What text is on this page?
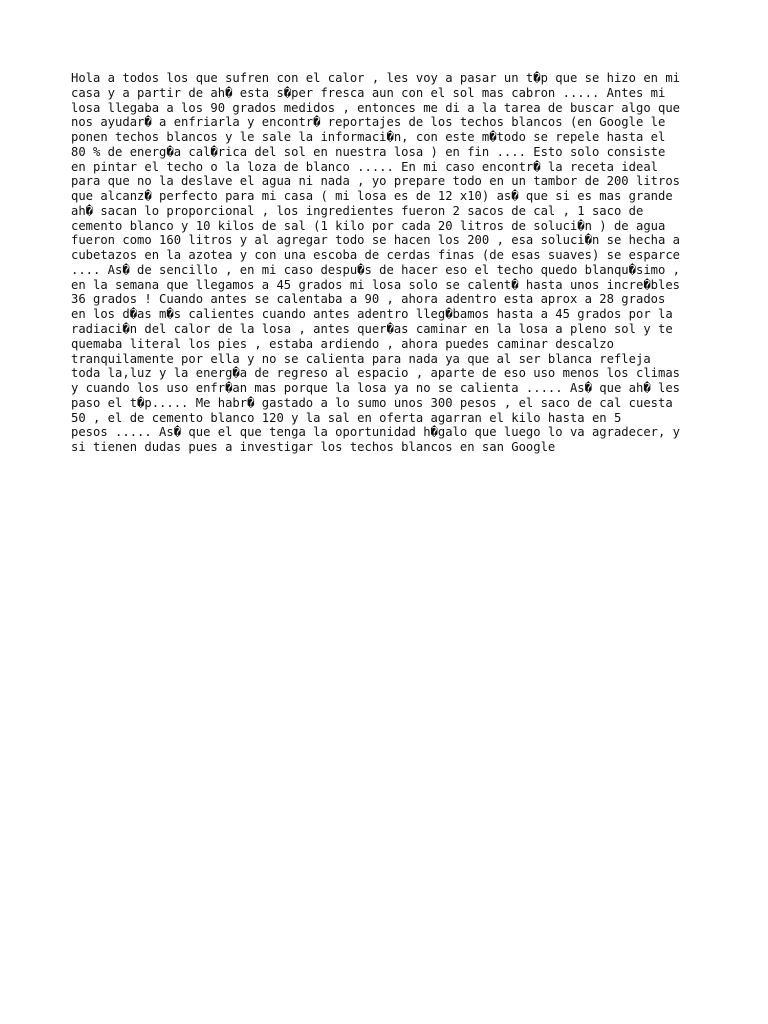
Hola a todos los que sufren con el calor , les voy a pasar un t�p que se hizo en mi
casa y a partir de ah� esta s�per fresca aun con el sol mas cabron ..... Antes mi
losa llegaba a los 90 grados medidos , entonces me di a la tarea de buscar algo que
nos ayudar� a enfriarla y encontr� reportajes de los techos blancos (en Google le
ponen techos blancos y le sale la informaci�n, con este m�todo se repele hasta el
80 % de energ�a cal�rica del sol en nuestra losa ) en fin .... Esto solo consiste
en pintar el techo o la loza de blanco ..... En mi caso encontr� la receta ideal
para que no la deslave el agua ni nada , yo prepare todo en un tambor de 200 litros
que alcanz� perfecto para mi casa ( mi losa es de 12 x10) as� que si es mas grande
ah� sacan lo proporcional , los ingredientes fueron 2 sacos de cal , 1 saco de
cemento blanco y 10 kilos de sal (1 kilo por cada 20 litros de soluci�n ) de agua
fueron como 160 litros y al agregar todo se hacen los 200 , esa soluci�n se hecha a
cubetazos en la azotea y con una escoba de cerdas finas (de esas suaves) se esparce
.... As� de sencillo , en mi caso despu�s de hacer eso el techo quedo blanqu�simo ,
en la semana que llegamos a 45 grados mi losa solo se calent� hasta unos incre�bles
36 grados ! Cuando antes se calentaba a 90 , ahora adentro esta aprox a 28 grados
en los d�as m�s calientes cuando antes adentro lleg�bamos hasta a 45 grados por la
radiaci�n del calor de la losa , antes quer�as caminar en la losa a pleno sol y te
quemaba literal los pies , estaba ardiendo , ahora puedes caminar descalzo
tranquilamente por ella y no se calienta para nada ya que al ser blanca refleja
toda la,luz y la energ�a de regreso al espacio , aparte de eso uso menos los climas
y cuando los uso enfr�an mas porque la losa ya no se calienta ..... As� que ah� les
paso el t�p..... Me habr� gastado a lo sumo unos 300 pesos , el saco de cal cuesta
50 , el de cemento blanco 120 y la sal en oferta agarran el kilo hasta en 5
pesos ..... As� que el que tenga la oportunidad h�galo que luego lo va agradecer, y
si tienen dudas pues a investigar los techos blancos en san Google
